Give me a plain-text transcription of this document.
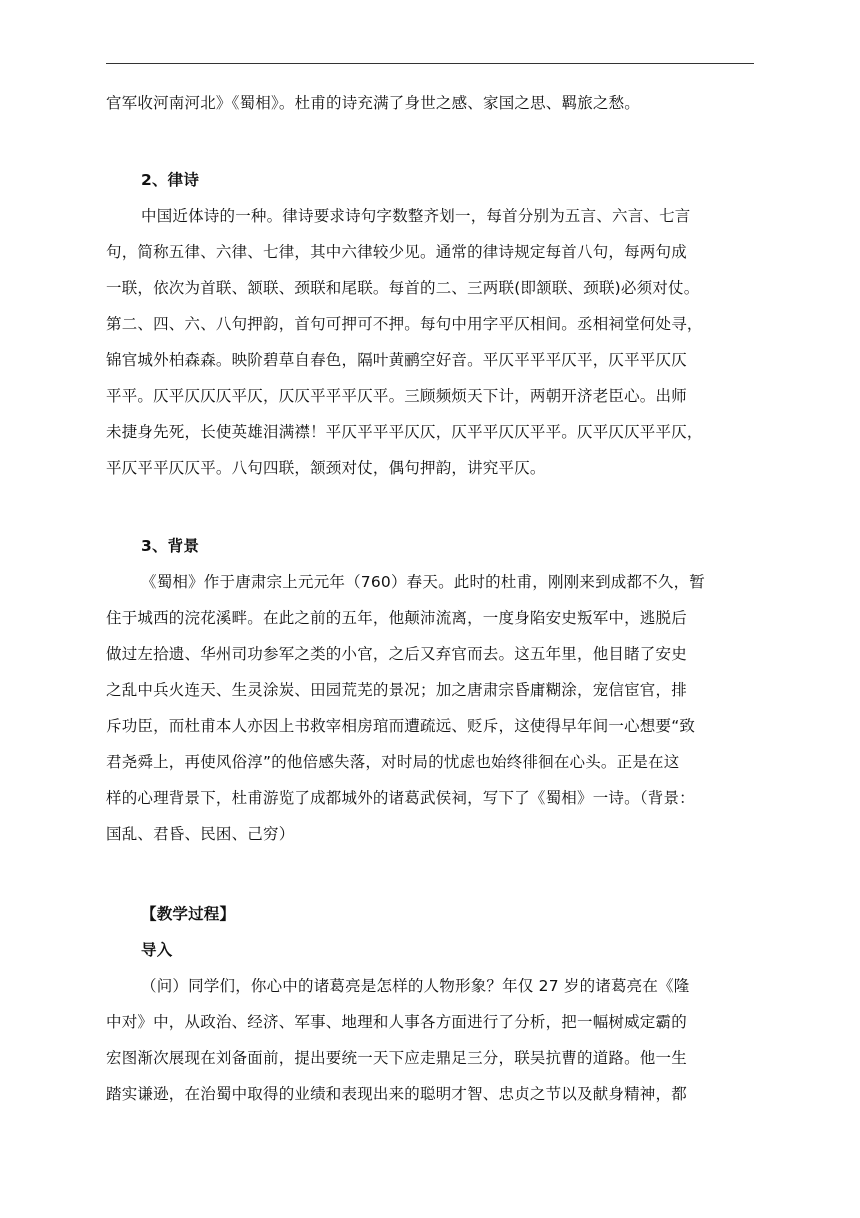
官军收河南河北》《蜀相》。杜甫的诗充满了身世之感、家国之思、羁旅之愁。
2、律诗
中国近体诗的一种。律诗要求诗句字数整齐划一，每首分别为五言、六言、七言
句，简称五律、六律、七律，其中六律较少见。通常的律诗规定每首八句，每两句成
一联，依次为首联、颔联、颈联和尾联。每首的二、三两联(即颔联、颈联)必须对仗。
第二、四、六、八句押韵，首句可押可不押。每句中用字平仄相间。丞相祠堂何处寻，
锦官城外柏森森。映阶碧草自春色，隔叶黄鹂空好音。平仄平平平仄平，仄平平仄仄
平平。仄平仄仄仄平仄，仄仄平平平仄平。三顾频烦天下计，两朝开济老臣心。出师
未捷身先死，长使英雄泪满襟！平仄平平平仄仄，仄平平仄仄平平。仄平仄仄平平仄，
平仄平平仄仄平。八句四联，颔颈对仗，偶句押韵，讲究平仄。
3、背景
《蜀相》作于唐肃宗上元元年（760）春天。此时的杜甫，刚刚来到成都不久，暂
住于城西的浣花溪畔。在此之前的五年，他颠沛流离，一度身陷安史叛军中，逃脱后
做过左拾遗、华州司功参军之类的小官，之后又弃官而去。这五年里，他目睹了安史
之乱中兵火连天、生灵涂炭、田园荒芜的景况；加之唐肃宗昏庸糊涂，宠信宦官，排
斥功臣，而杜甫本人亦因上书救宰相房琯而遭疏远、贬斥，这使得早年间一心想要“致
君尧舜上，再使风俗淳”的他倍感失落，对时局的忧虑也始终徘徊在心头。正是在这
样的心理背景下，杜甫游览了成都城外的诸葛武侯祠，写下了《蜀相》一诗。（背景：
国乱、君昏、民困、己穷）
【教学过程】
导入
（问）同学们，你心中的诸葛亮是怎样的人物形象？年仅 27 岁的诸葛亮在《隆
中对》中，从政治、经济、军事、地理和人事各方面进行了分析，把一幅树威定霸的
宏图渐次展现在刘备面前，提出要统一天下应走鼎足三分，联吴抗曹的道路。他一生
踏实谦逊，在治蜀中取得的业绩和表现出来的聪明才智、忠贞之节以及献身精神，都
